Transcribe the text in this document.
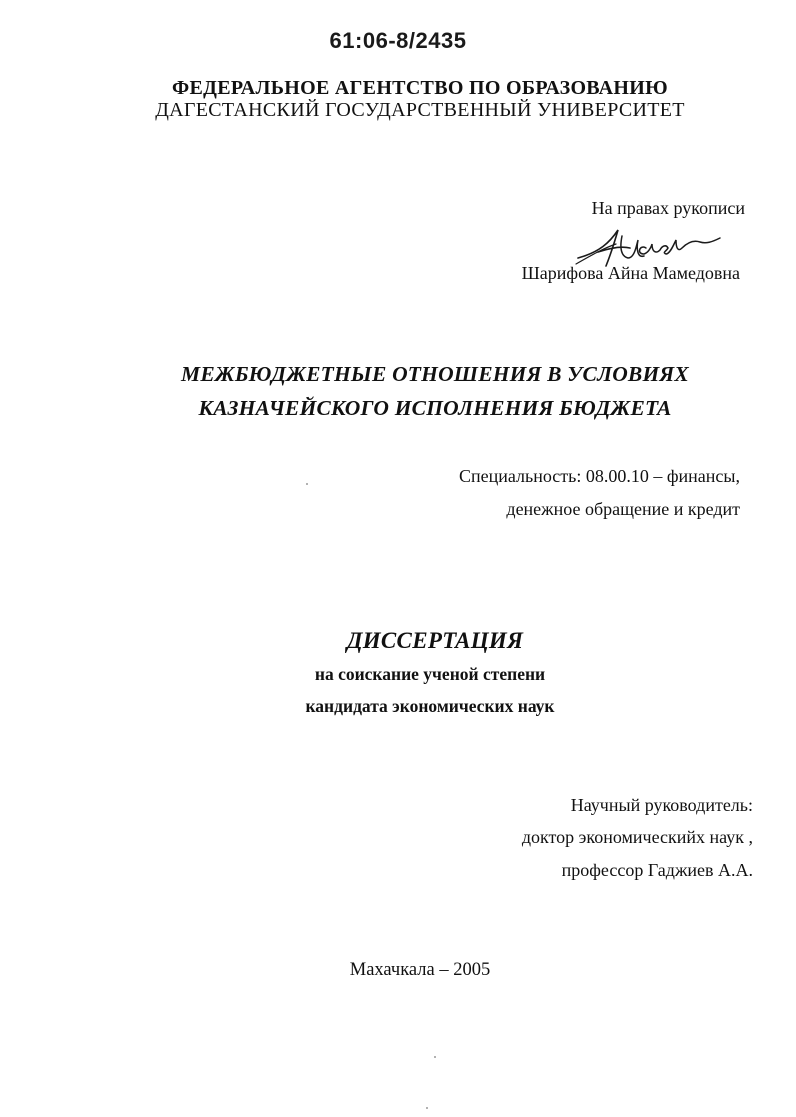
61:06-8/2435
ФЕДЕРАЛЬНОЕ АГЕНТСТВО ПО ОБРАЗОВАНИЮ
ДАГЕСТАНСКИЙ ГОСУДАРСТВЕННЫЙ УНИВЕРСИТЕТ
На правах рукописи
Шарифова Айна Мамедовна
МЕЖБЮДЖЕТНЫЕ ОТНОШЕНИЯ В УСЛОВИЯХ
КАЗНАЧЕЙСКОГО ИСПОЛНЕНИЯ БЮДЖЕТА
Специальность: 08.00.10 – финансы,
денежное обращение и кредит
ДИССЕРТАЦИЯ
на соискание ученой степени
кандидата экономических наук
Научный руководитель:
доктор экономическийх наук ,
профессор Гаджиев А.А.
Махачкала – 2005
